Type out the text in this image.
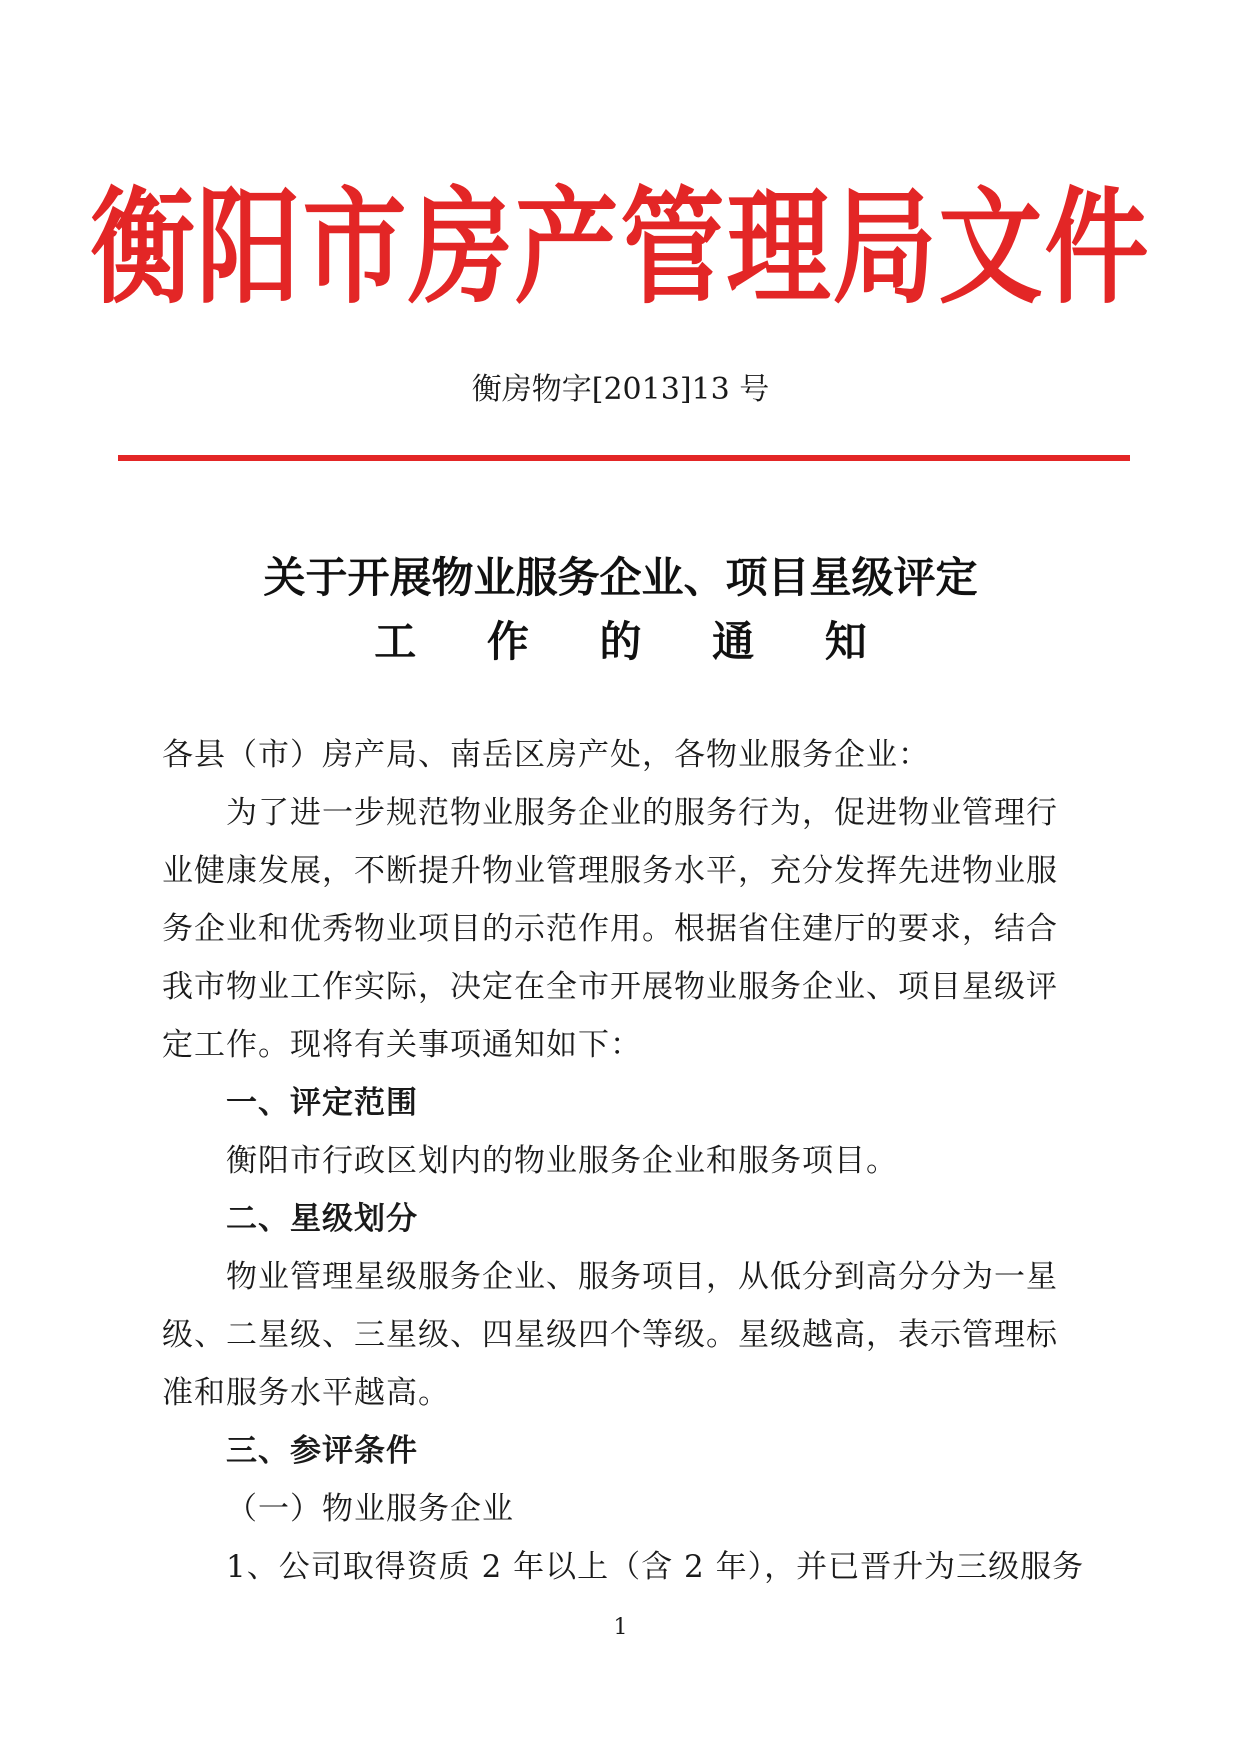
衡阳市房产管理局文件
衡房物字[2013]13 号
关于开展物业服务企业、项目星级评定
工 作 的 通 知
各县（市）房产局、南岳区房产处，各物业服务企业：
为了进一步规范物业服务企业的服务行为，促进物业管理行
业健康发展，不断提升物业管理服务水平，充分发挥先进物业服
务企业和优秀物业项目的示范作用。根据省住建厅的要求，结合
我市物业工作实际，决定在全市开展物业服务企业、项目星级评
定工作。现将有关事项通知如下：
一、评定范围
衡阳市行政区划内的物业服务企业和服务项目。
二、星级划分
物业管理星级服务企业、服务项目，从低分到高分分为一星
级、二星级、三星级、四星级四个等级。星级越高，表示管理标
准和服务水平越高。
三、参评条件
（一）物业服务企业
1、公司取得资质 2 年以上（含 2 年），并已晋升为三级服务
1
